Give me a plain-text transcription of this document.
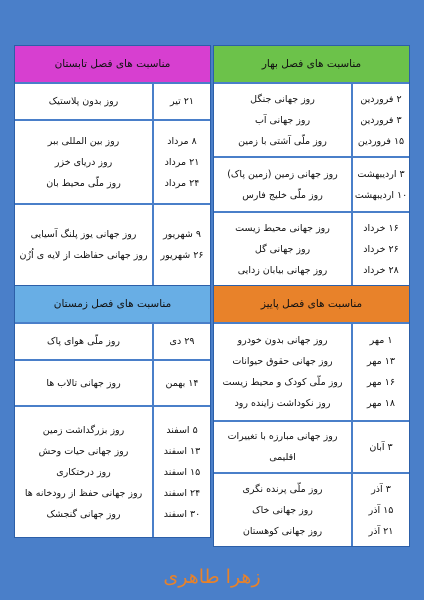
مناسبت های فصل بهار
۲ فروردین
۳ فروردین
۱۵ فروردین
روز جهانی جنگل
روز جهانی آب
روز ملّی آشتی با زمین
۳ اردیبهشت
۱۰ اردیبهشت
روز جهانی زمین (زمین پاک)
روز ملّی خلیج فارس
۱۶ خرداد
۲۶ خرداد
۲۸ خرداد
روز جهانی محیط زیست
روز جهانی گل
روز جهانی بیابان زدایی
مناسبت های فصل تابستان
۲۱ تیر
روز بدون پلاستیک
۸ مرداد
۲۱ مرداد
۲۴ مرداد
روز بین المللی ببر
روز دریای خزر
روز ملّی محیط بان
۹ شهریور
۲۶ شهریور
روز جهانی یوز پلنگ آسیایی
روز جهانی حفاظت از لایه ی اُزُن
مناسبت های فصل پاییز
۱ مهر
۱۳ مهر
۱۶ مهر
۱۸ مهر
روز جهانی بدون خودرو
روز جهانی حقوق حیوانات
روز ملّی کودک و محیط زیست
روز نکوداشت زاینده رود
۳ آبان
روز جهانی مبارزه با تغییرات
اقلیمی
۳ آذر
۱۵ آذر
۲۱ آذر
روز ملّی پرنده نگری
روز جهانی خاک
روز جهانی کوهستان
مناسبت های فصل زمستان
۲۹ دی
روز ملّی هوای پاک
۱۴ بهمن
روز جهانی تالاب ها
۵ اسفند
۱۳ اسفند
۱۵ اسفند
۲۴ اسفند
۳۰ اسفند
روز بزرگداشت زمین
روز جهانی حیات وحش
روز درختکاری
روز جهانی حفظ از رودخانه ها
روز جهانی گنجشک
زهرا طاهری
